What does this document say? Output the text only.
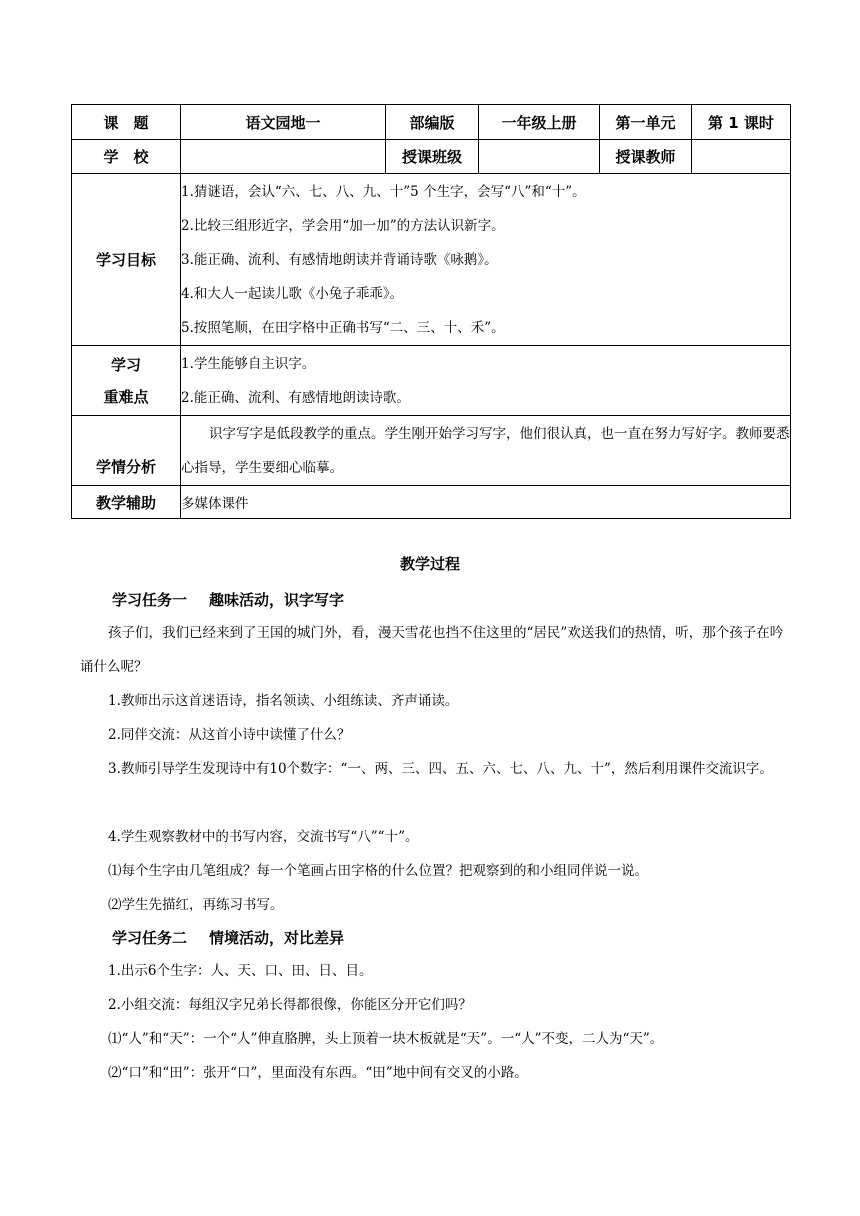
课　题	语文园地一	部编版	一年级上册	第一单元	第 1 课时
学　校		授课班级		授课教师	
学习目标	1.猜谜语，会认“六、七、八、九、十”5 个生字，会写“八”和“十”。
2.比较三组形近字，学会用“加一加”的方法认识新字。
3.能正确、流利、有感情地朗读并背诵诗歌《咏鹅》。
4.和大人一起读儿歌《小兔子乖乖》。
5.按照笔顺，在田字格中正确书写“二、三、十、禾”。				

学习
重难点	1.学生能够自主识字。
2.能正确、流利、有感情地朗读诗歌。				

学情分析	识字写字是低段教学的重点。学生刚开始学习写字，他们很认真，也一直在努力写好字。教师要悉心指导，学生要细心临摹。				

教学辅助	多媒体课件				
教学过程
学习任务一 趣味活动，识字写字
孩子们，我们已经来到了王国的城门外，看，漫天雪花也挡不住这里的“居民”欢送我们的热情，听，那个孩子在吟诵什么呢？
1.教师出示这首迷语诗，指名领读、小组练读、齐声诵读。
2.同伴交流：从这首小诗中读懂了什么？
3.教师引导学生发现诗中有10个数字：“一、两、三、四、五、六、七、八、九、十”，然后利用课件交流识字。
4.学生观察教材中的书写内容，交流书写“八”“十”。
⑴每个生字由几笔组成？每一个笔画占田字格的什么位置？把观察到的和小组同伴说一说。
⑵学生先描红，再练习书写。
学习任务二 情境活动，对比差异
1.出示6个生字：人、天、口、田、日、目。
2.小组交流：每组汉字兄弟长得都很像，你能区分开它们吗？
⑴“人”和“天”：一个“人”伸直胳脾，头上顶着一块木板就是“天”。一“人”不变，二人为“天”。
⑵“口”和“田”：张开“口”，里面没有东西。“田”地中间有交叉的小路。
